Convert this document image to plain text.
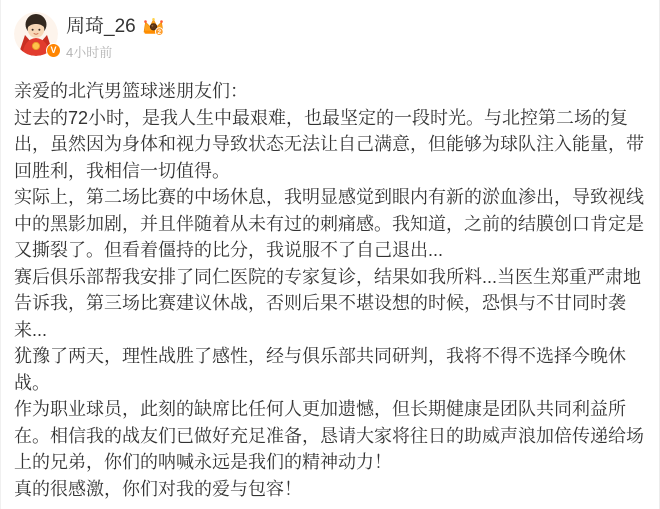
V
周琦_26	2
4小时前
亲爱的北汽男篮球迷朋友们：
过去的72小时，是我人生中最艰难，也最坚定的一段时光。与北控第二场的复出，虽然因为身体和视力导致状态无法让自己满意，但能够为球队注入能量，带回胜利，我相信一切值得。
实际上，第二场比赛的中场休息，我明显感觉到眼内有新的淤血渗出，导致视线中的黑影加剧，并且伴随着从未有过的刺痛感。我知道，之前的结膜创口肯定是又撕裂了。但看着僵持的比分，我说服不了自己退出...
赛后俱乐部帮我安排了同仁医院的专家复诊，结果如我所料...当医生郑重严肃地告诉我，第三场比赛建议休战，否则后果不堪设想的时候，恐惧与不甘同时袭来...
犹豫了两天，理性战胜了感性，经与俱乐部共同研判，我将不得不选择今晚休战。
作为职业球员，此刻的缺席比任何人更加遗憾，但长期健康是团队共同利益所在。相信我的战友们已做好充足准备，恳请大家将往日的助威声浪加倍传递给场上的兄弟，你们的呐喊永远是我们的精神动力！
真的很感激，你们对我的爱与包容！
